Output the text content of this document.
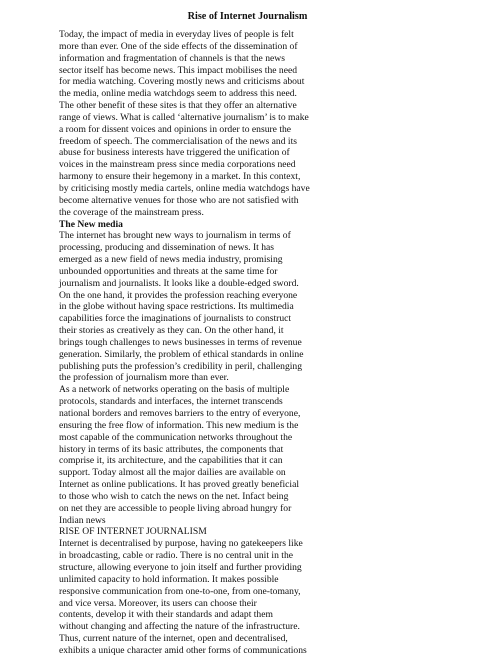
Rise of Internet Journalism
Today, the impact of media in everyday lives of people is felt
more than ever. One of the side effects of the dissemination of
information and fragmentation of channels is that the news
sector itself has become news. This impact mobilises the need
for media watching. Covering mostly news and criticisms about
the media, online media watchdogs seem to address this need.
The other benefit of these sites is that they offer an alternative
range of views. What is called ‘alternative journalism’ is to make
a room for dissent voices and opinions in order to ensure the
freedom of speech. The commercialisation of the news and its
abuse for business interests have triggered the unification of
voices in the mainstream press since media corporations need
harmony to ensure their hegemony in a market. In this context,
by criticising mostly media cartels, online media watchdogs have
become alternative venues for those who are not satisfied with
the coverage of the mainstream press.
The New media
The internet has brought new ways to journalism in terms of
processing, producing and dissemination of news. It has
emerged as a new field of news media industry, promising
unbounded opportunities and threats at the same time for
journalism and journalists. It looks like a double-edged sword.
On the one hand, it provides the profession reaching everyone
in the globe without having space restrictions. Its multimedia
capabilities force the imaginations of journalists to construct
their stories as creatively as they can. On the other hand, it
brings tough challenges to news businesses in terms of revenue
generation. Similarly, the problem of ethical standards in online
publishing puts the profession’s credibility in peril, challenging
the profession of journalism more than ever.
As a network of networks operating on the basis of multiple
protocols, standards and interfaces, the internet transcends
national borders and removes barriers to the entry of everyone,
ensuring the free flow of information. This new medium is the
most capable of the communication networks throughout the
history in terms of its basic attributes, the components that
comprise it, its architecture, and the capabilities that it can
support. Today almost all the major dailies are available on
Internet as online publications. It has proved greatly beneficial
to those who wish to catch the news on the net. Infact being
on net they are accessible to people living abroad hungry for
Indian news
RISE OF INTERNET JOURNALISM
Internet is decentralised by purpose, having no gatekeepers like
in broadcasting, cable or radio. There is no central unit in the
structure, allowing everyone to join itself and further providing
unlimited capacity to hold information. It makes possible
responsive communication from one-to-one, from one-tomany,
and vice versa. Moreover, its users can choose their
contents, develop it with their standards and adapt them
without changing and affecting the nature of the infrastructure.
Thus, current nature of the internet, open and decentralised,
exhibits a unique character amid other forms of communications
